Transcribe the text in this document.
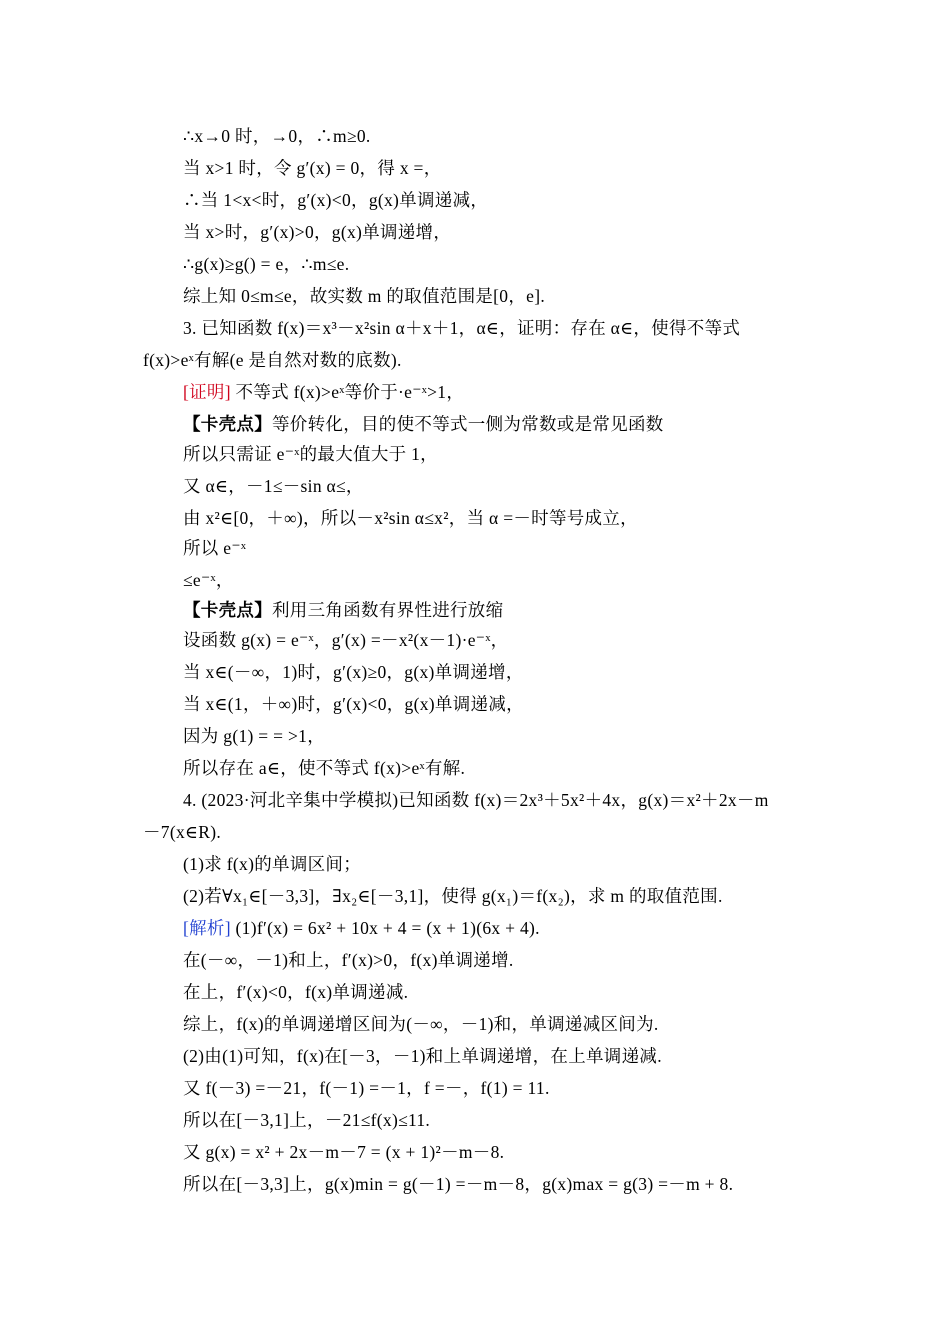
∴x→0 时，→0，∴m≥0.
当 x>1 时，令 g′(x) = 0，得 x =，
∴当 1<x<时，g′(x)<0，g(x)单调递减，
当 x>时，g′(x)>0，g(x)单调递增，
∴g(x)≥g() = e，∴m≤e.
综上知 0≤m≤e，故实数 m 的取值范围是[0，e].
3. 已知函数 f(x)＝x³－x²sin α＋x＋1，α∈，证明：存在 α∈，使得不等式
f(x)>eˣ有解(e 是自然对数的底数).
[证明] 不等式 f(x)>eˣ等价于·e⁻ˣ>1，
【卡壳点】等价转化，目的使不等式一侧为常数或是常见函数
所以只需证 e⁻ˣ的最大值大于 1，
又 α∈，－1≤－sin α≤，
由 x²∈[0，＋∞)，所以－x²sin α≤x²，当 α =－时等号成立，
所以 e⁻ˣ
≤e⁻ˣ，
【卡壳点】利用三角函数有界性进行放缩
设函数 g(x) = e⁻ˣ，g′(x) =－x²(x－1)·e⁻ˣ，
当 x∈(－∞，1)时，g′(x)≥0，g(x)单调递增，
当 x∈(1，＋∞)时，g′(x)<0，g(x)单调递减，
因为 g(1) = = >1，
所以存在 a∈，使不等式 f(x)>eˣ有解.
4. (2023·河北辛集中学模拟)已知函数 f(x)＝2x³＋5x²＋4x，g(x)＝x²＋2x－m
－7(x∈R).
(1)求 f(x)的单调区间；
(2)若∀x₁∈[－3,3]，∃x₂∈[－3,1]，使得 g(x₁)＝f(x₂)，求 m 的取值范围.
[解析] (1)f′(x) = 6x² + 10x + 4 = (x + 1)(6x + 4).
在(－∞，－1)和上，f′(x)>0，f(x)单调递增.
在上，f′(x)<0，f(x)单调递减.
综上，f(x)的单调递增区间为(－∞，－1)和，单调递减区间为.
(2)由(1)可知，f(x)在[－3，－1)和上单调递增，在上单调递减.
又 f(－3) =－21，f(－1) =－1，f =－，f(1) = 11.
所以在[－3,1]上，－21≤f(x)≤11.
又 g(x) = x² + 2x－m－7 = (x + 1)²－m－8.
所以在[－3,3]上，g(x)min = g(－1) =－m－8，g(x)max = g(3) =－m + 8.
